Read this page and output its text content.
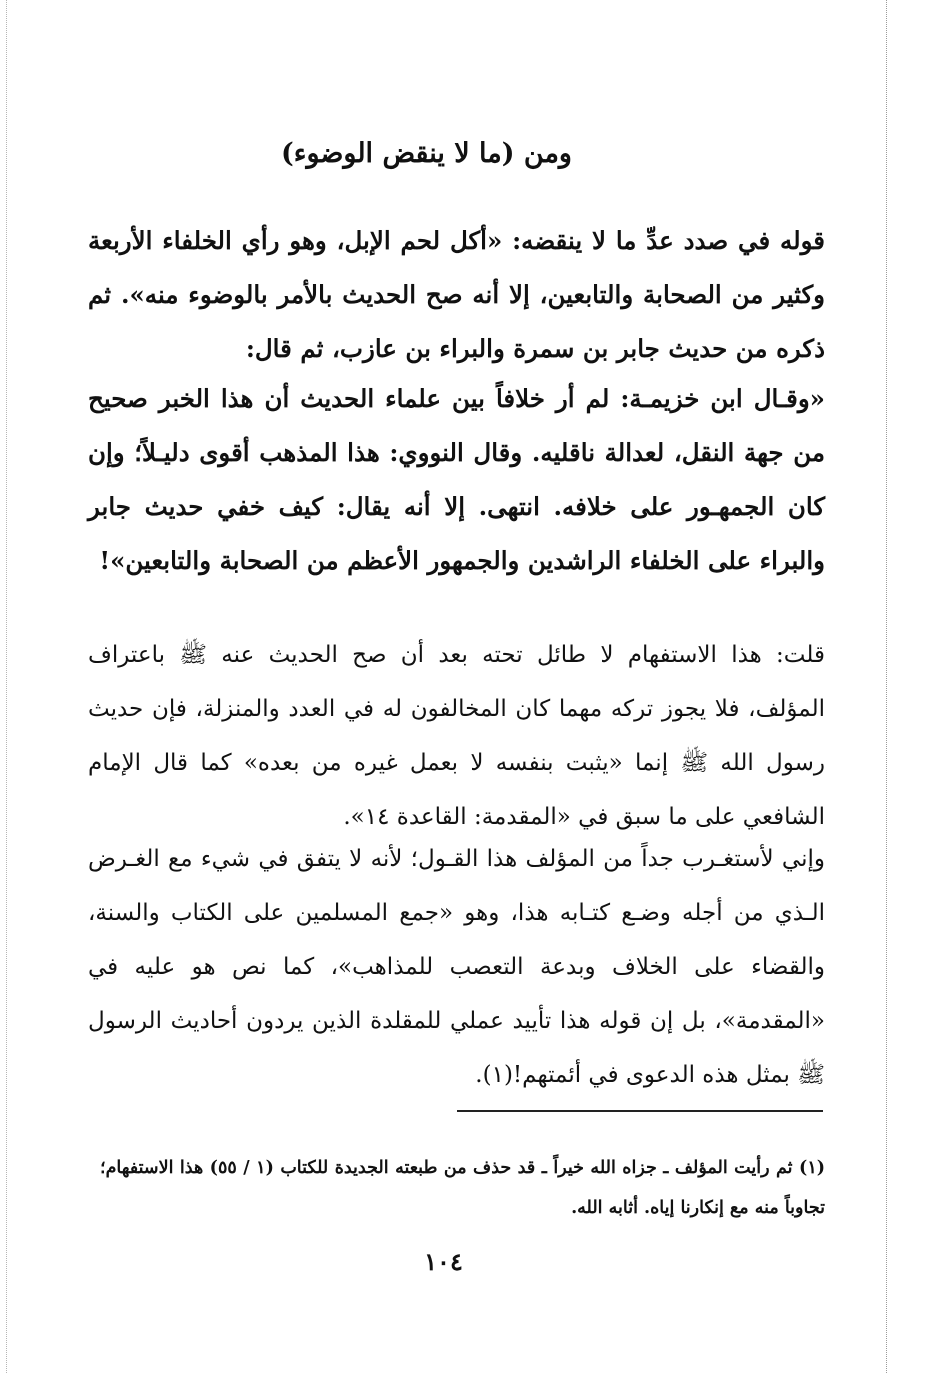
ومن (ما لا ينقض الوضوء)
قوله في صدد عدِّ ما لا ينقضه: «أكل لحم الإبل، وهو رأي الخلفاء الأربعة وكثير من الصحابة والتابعين، إلا أنه صح الحديث بالأمر بالوضوء منه». ثم ذكره من حديث جابر بن سمرة والبراء بن عازب، ثم قال:
«وقـال ابن خزيمـة: لم أر خلافاً بين علماء الحديث أن هذا الخبر صحيح من جهة النقل، لعدالة ناقليه. وقال النووي: هذا المذهب أقوى دليـلاً؛ وإن كان الجمهـور على خلافه. انتهى. إلا أنه يقال: كيف خفي حديث جابر والبراء على الخلفاء الراشدين والجمهور الأعظم من الصحابة والتابعين»!
قلت: هذا الاستفهام لا طائل تحته بعد أن صح الحديث عنه ﷺ باعتراف المؤلف، فلا يجوز تركه مهما كان المخالفون له في العدد والمنزلة، فإن حديث رسول الله ﷺ إنما «يثبت بنفسه لا بعمل غيره من بعده» كما قال الإمام الشافعي على ما سبق في «المقدمة: القاعدة ١٤».
وإني لأستغـرب جداً من المؤلف هذا القـول؛ لأنه لا يتفق في شيء مع الغـرض الـذي من أجله وضـع كتـابه هذا، وهو «جمع المسلمين على الكتاب والسنة، والقضاء على الخلاف وبدعة التعصب للمذاهب»، كما نص هو عليه في «المقدمة»، بل إن قوله هذا تأييد عملي للمقلدة الذين يردون أحاديث الرسول ﷺ بمثل هذه الدعوى في أئمتهم!(١).
(١) ثم رأيت المؤلف ـ جزاه الله خيراً ـ قد حذف من طبعته الجديدة للكتاب (١ / ٥٥) هذا الاستفهام؛ تجاوباً منه مع إنكارنا إياه. أثابه الله.
١٠٤
